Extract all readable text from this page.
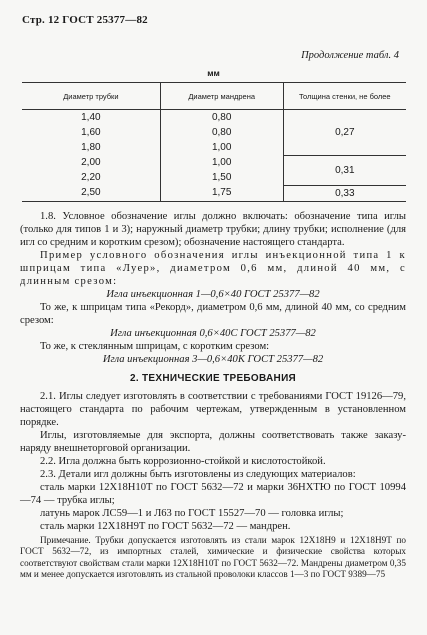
Стр. 12 ГОСТ 25377—82
Продолжение табл. 4
мм
Диаметр трубки	Диаметр мандрена	Толщина стенки, не более
1,40	0,80	0,27
1,60	0,80	
1,80	1,00	
2,00	1,00	0,31
2,20	1,50	
2,50	1,75	0,33

1.8. Условное обозначение иглы должно включать: обозначение типа иглы (только для типов 1 и 3); наружный диаметр трубки; длину трубки; исполнение (для игл со средним и коротким срезом); обозначение настоящего стандарта.

Пример условного обозначения иглы инъекционной типа 1 к шприцам типа «Луер», диаметром 0,6 мм, длиной 40 мм, с длинным срезом:

Игла инъекционная 1—0,6×40 ГОСТ 25377—82

То же, к шприцам типа «Рекорд», диаметром 0,6 мм, длиной 40 мм, со средним срезом:

Игла инъекционная 0,6×40С ГОСТ 25377—82

То же, к стеклянным шприцам, с коротким срезом:

Игла инъекционная 3—0,6×40К ГОСТ 25377—82

2. ТЕХНИЧЕСКИЕ ТРЕБОВАНИЯ

2.1. Иглы следует изготовлять в соответствии с требованиями ГОСТ 19126—79, настоящего стандарта по рабочим чертежам, утвержденным в установленном порядке.

Иглы, изготовляемые для экспорта, должны соответствовать также заказу-наряду внешнеторговой организации.

2.2. Игла должна быть коррозионно-стойкой и кислотостойкой.

2.3. Детали игл должны быть изготовлены из следующих материалов:

сталь марки 12Х18Н10Т по ГОСТ 5632—72 и марки 36НХТЮ по ГОСТ 10994—74 — трубка иглы;

латунь марок ЛС59—1 и Л63 по ГОСТ 15527—70 — головка иглы;

сталь марки 12Х18Н9Т по ГОСТ 5632—72 — мандрен.

Примечание. Трубки допускается изготовлять из стали марок 12Х18Н9 и 12Х18Н9Т по ГОСТ 5632—72, из импортных сталей, химические и физические свойства которых соответствуют свойствам стали марки 12Х18Н10Т по ГОСТ 5632—72. Мандрены диаметром 0,35 мм и менее допускается изготовлять из стальной проволоки классов 1—3 по ГОСТ 9389—75
